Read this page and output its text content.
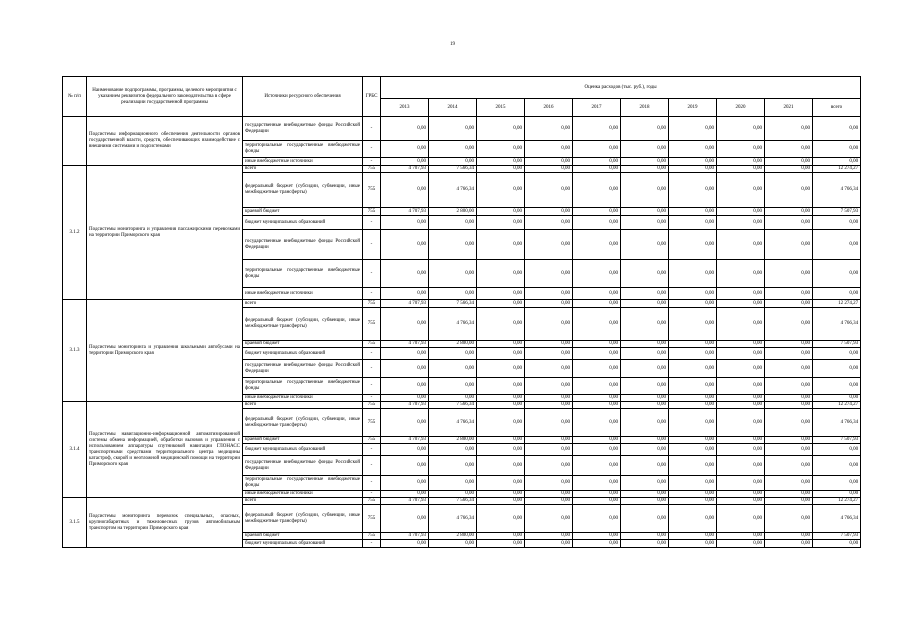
19
№ п/п	Наименование подпрограммы, программы, целевого мероприятия с указанием реквизитов федерального законодательства в сфере реализации государственной программы	Источники ресурсного обеспечения	ГРБС	Оценка расходов (тыс. руб.), годы									
				2013	2014	2015	2016	2017	2018	2019	2020	2021	всего
	Подсистемы информационного обеспечения деятельности органов государственной власти, средств, обеспечивающих взаимодействие с внешними системами и подсистемами	государственные внебюджетные фонды Российской Федерации	-	0,00	0,00	0,00	0,00	0,00	0,00	0,00	0,00	0,00	0,00
		территориальные государственные внебюджетные фонды	-	0,00	0,00	0,00	0,00	0,00	0,00	0,00	0,00	0,00	0,00
		иные внебюджетные источники	-	0,00	0,00	0,00	0,00	0,00	0,00	0,00	0,00	0,00	0,00
3.1.2	Подсистемы мониторинга и управления пассажирскими перевозками на территории Приморского края	всего	755	4 707,93	7 566,34	0,00	0,00	0,00	0,00	0,00	0,00	0,00	12 274,27
		федеральный бюджет (субсидии, субвенции, иные межбюджетные трансферты)	755	0,00	4 766,34	0,00	0,00	0,00	0,00	0,00	0,00	0,00	4 766,34
		краевой бюджет	755	4 707,93	2 800,00	0,00	0,00	0,00	0,00	0,00	0,00	0,00	7 507,93
		бюджет муниципальных образований	-	0,00	0,00	0,00	0,00	0,00	0,00	0,00	0,00	0,00	0,00
		государственные внебюджетные фонды Российской Федерации	-	0,00	0,00	0,00	0,00	0,00	0,00	0,00	0,00	0,00	0,00
		территориальные государственные внебюджетные фонды	-	0,00	0,00	0,00	0,00	0,00	0,00	0,00	0,00	0,00	0,00
		иные внебюджетные источники	-	0,00	0,00	0,00	0,00	0,00	0,00	0,00	0,00	0,00	0,00
3.1.3	Подсистемы мониторинга и управления школьными автобусами на территории Приморского края	всего	755	4 707,93	7 566,34	0,00	0,00	0,00	0,00	0,00	0,00	0,00	12 274,27
		федеральный бюджет (субсидии, субвенции, иные межбюджетные трансферты)	755	0,00	4 766,34	0,00	0,00	0,00	0,00	0,00	0,00	0,00	4 766,34
		краевой бюджет	755	4 707,93	2 800,00	0,00	0,00	0,00	0,00	0,00	0,00	0,00	7 507,93
		бюджет муниципальных образований	-	0,00	0,00	0,00	0,00	0,00	0,00	0,00	0,00	0,00	0,00
		государственные внебюджетные фонды Российской Федерации	-	0,00	0,00	0,00	0,00	0,00	0,00	0,00	0,00	0,00	0,00
		территориальные государственные внебюджетные фонды	-	0,00	0,00	0,00	0,00	0,00	0,00	0,00	0,00	0,00	0,00
		иные внебюджетные источники	-	0,00	0,00	0,00	0,00	0,00	0,00	0,00	0,00	0,00	0,00
3.1.4	Подсистемы навигационно-информационной автоматизированной системы обмена информацией, обработки вызовов и управления с использованием аппаратуры спутниковой навигации ГЛОНАСС транспортными средствами территориального центра медицины катастроф, скорой и неотложной медицинской помощи на территории Приморского края	всего	755	4 707,93	7 566,34	0,00	0,00	0,00	0,00	0,00	0,00	0,00	12 274,27
		федеральный бюджет (субсидии, субвенции, иные межбюджетные трансферты)	755	0,00	4 766,34	0,00	0,00	0,00	0,00	0,00	0,00	0,00	4 766,34
		краевой бюджет	755	4 707,93	2 800,00	0,00	0,00	0,00	0,00	0,00	0,00	0,00	7 507,93
		бюджет муниципальных образований	-	0,00	0,00	0,00	0,00	0,00	0,00	0,00	0,00	0,00	0,00
		государственные внебюджетные фонды Российской Федерации	-	0,00	0,00	0,00	0,00	0,00	0,00	0,00	0,00	0,00	0,00
		территориальные государственные внебюджетные фонды	-	0,00	0,00	0,00	0,00	0,00	0,00	0,00	0,00	0,00	0,00
		иные внебюджетные источники	-	0,00	0,00	0,00	0,00	0,00	0,00	0,00	0,00	0,00	0,00
3.1.5	Подсистемы мониторинга перевозок специальных, опасных, крупногабаритных и тяжеловесных грузов автомобильным транспортом на территории Приморского края	всего	755	4 707,93	7 566,34	0,00	0,00	0,00	0,00	0,00	0,00	0,00	12 274,27
		федеральный бюджет (субсидии, субвенции, иные межбюджетные трансферты)	755	0,00	4 766,34	0,00	0,00	0,00	0,00	0,00	0,00	0,00	4 766,34
		краевой бюджет	755	4 707,93	2 800,00	0,00	0,00	0,00	0,00	0,00	0,00	0,00	7 507,93
		бюджет муниципальных образований	-	0,00	0,00	0,00	0,00	0,00	0,00	0,00	0,00	0,00	0,00
